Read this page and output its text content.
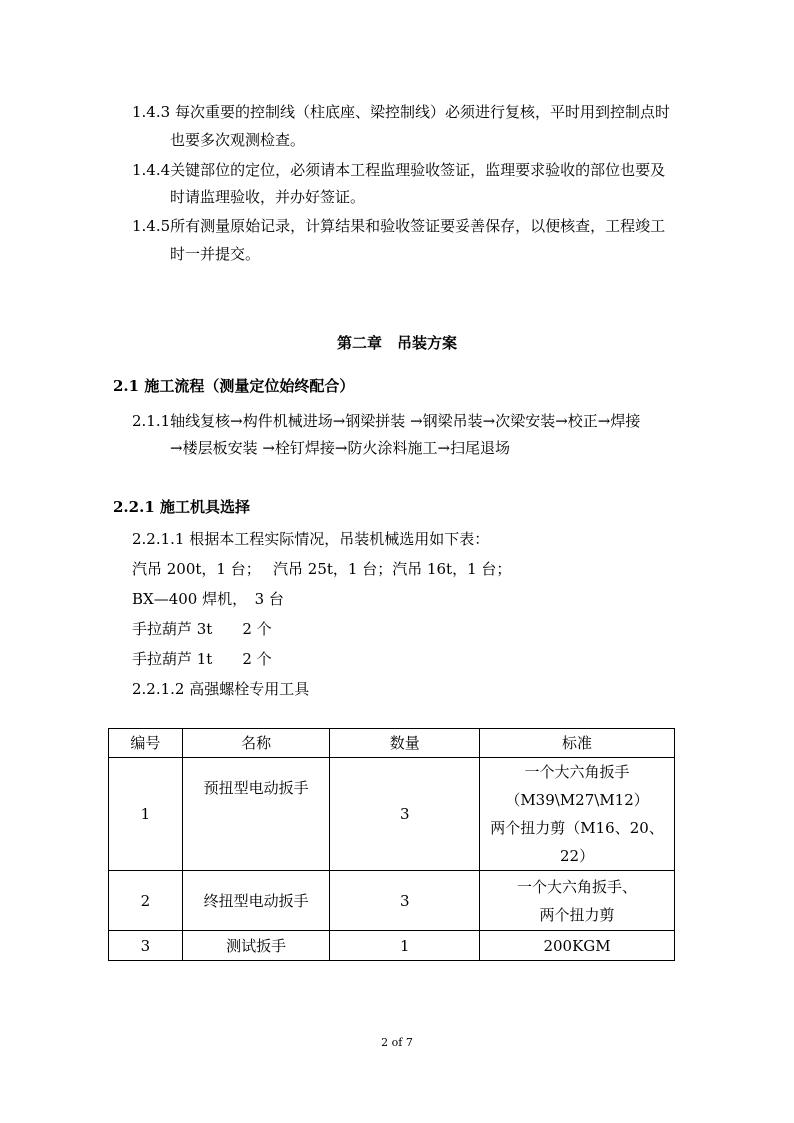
1.4.3 每次重要的控制线（柱底座、梁控制线）必须进行复核，平时用到控制点时
也要多次观测检查。
1.4.4关键部位的定位，必须请本工程监理验收签证，监理要求验收的部位也要及
时请监理验收，并办好签证。
1.4.5所有测量原始记录，计算结果和验收签证要妥善保存，以便核查，工程竣工
时一并提交。
第二章　吊装方案
2.1 施工流程（测量定位始终配合）
2.1.1轴线复核→构件机械进场→钢梁拼装 →钢梁吊装→次梁安装→校正→焊接
→楼层板安装 →栓钉焊接→防火涂料施工→扫尾退场
2.2.1 施工机具选择
2.2.1.1 根据本工程实际情况，吊装机械选用如下表：
汽吊 200t，1 台；　 汽吊 25t，1 台；汽吊 16t，1 台；
BX—400 焊机，　3 台
手拉葫芦 3t　　2 个
手拉葫芦 1t　　2 个
2.2.1.2 高强螺栓专用工具
编号	名称	数量	标准
1	预扭型电动扳手	3	一个大六角扳手
（M39\M27\M12）
两个扭力剪（M16、20、22）

2	终扭型电动扳手	3	一个大六角扳手、
两个扭力剪

3	测试扳手	1	200KGM
2 of 7
